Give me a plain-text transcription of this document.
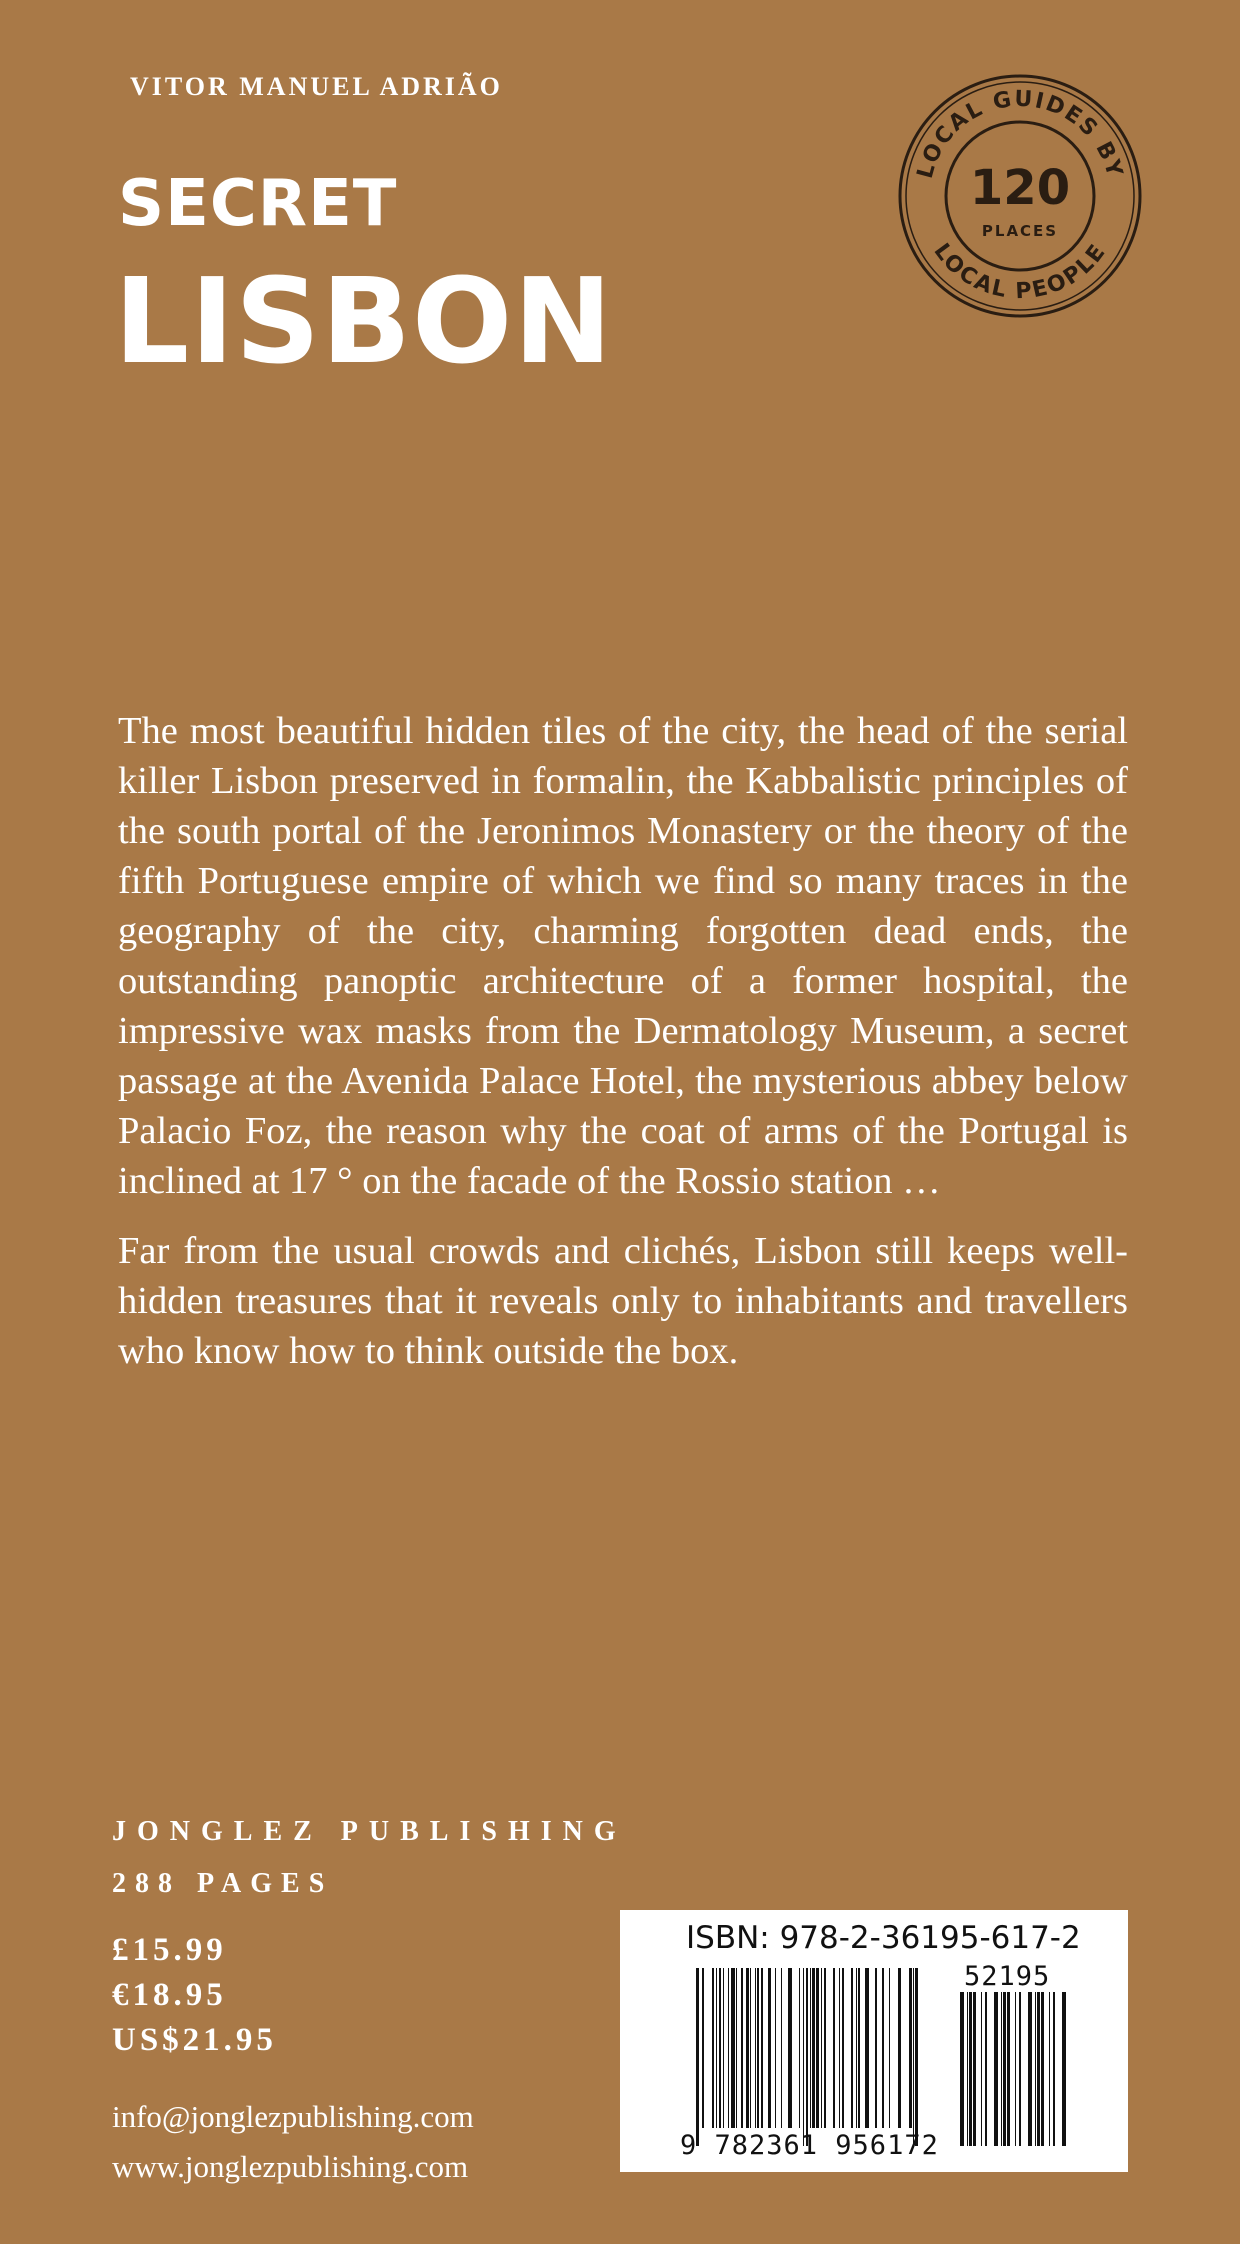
VITOR MANUEL ADRIÃO
SECRET
LISBON
LOCAL GUIDES BY
LOCAL PEOPLE
120
PLACES

The most beautiful hidden tiles of the city, the head of the serial killer Lisbon preserved in formalin, the Kabbalistic principles of the south portal of the Jeronimos Monastery or the theory of the fifth Portuguese empire of which we find so many traces in the geography of the city, charming forgotten dead ends, the outstanding panoptic architecture of a former hospital, the impressive wax masks from the Dermatology Museum, a secret passage at the Avenida Palace Hotel, the mysterious abbey below Palacio Foz, the reason why the coat of arms of the Portugal is inclined at 17 ° on the facade of the Rossio station …

Far from the usual crowds and clichés, Lisbon still keeps well-hidden treasures that it reveals only to inhabitants and travellers who know how to think outside the box.

JONGLEZ PUBLISHING
288 PAGES
£15.99
€18.95
US$21.95
info@jonglezpublishing.com
www.jonglezpublishing.com
ISBN: 978-2-36195-617-2
9 782361 956172
52195
